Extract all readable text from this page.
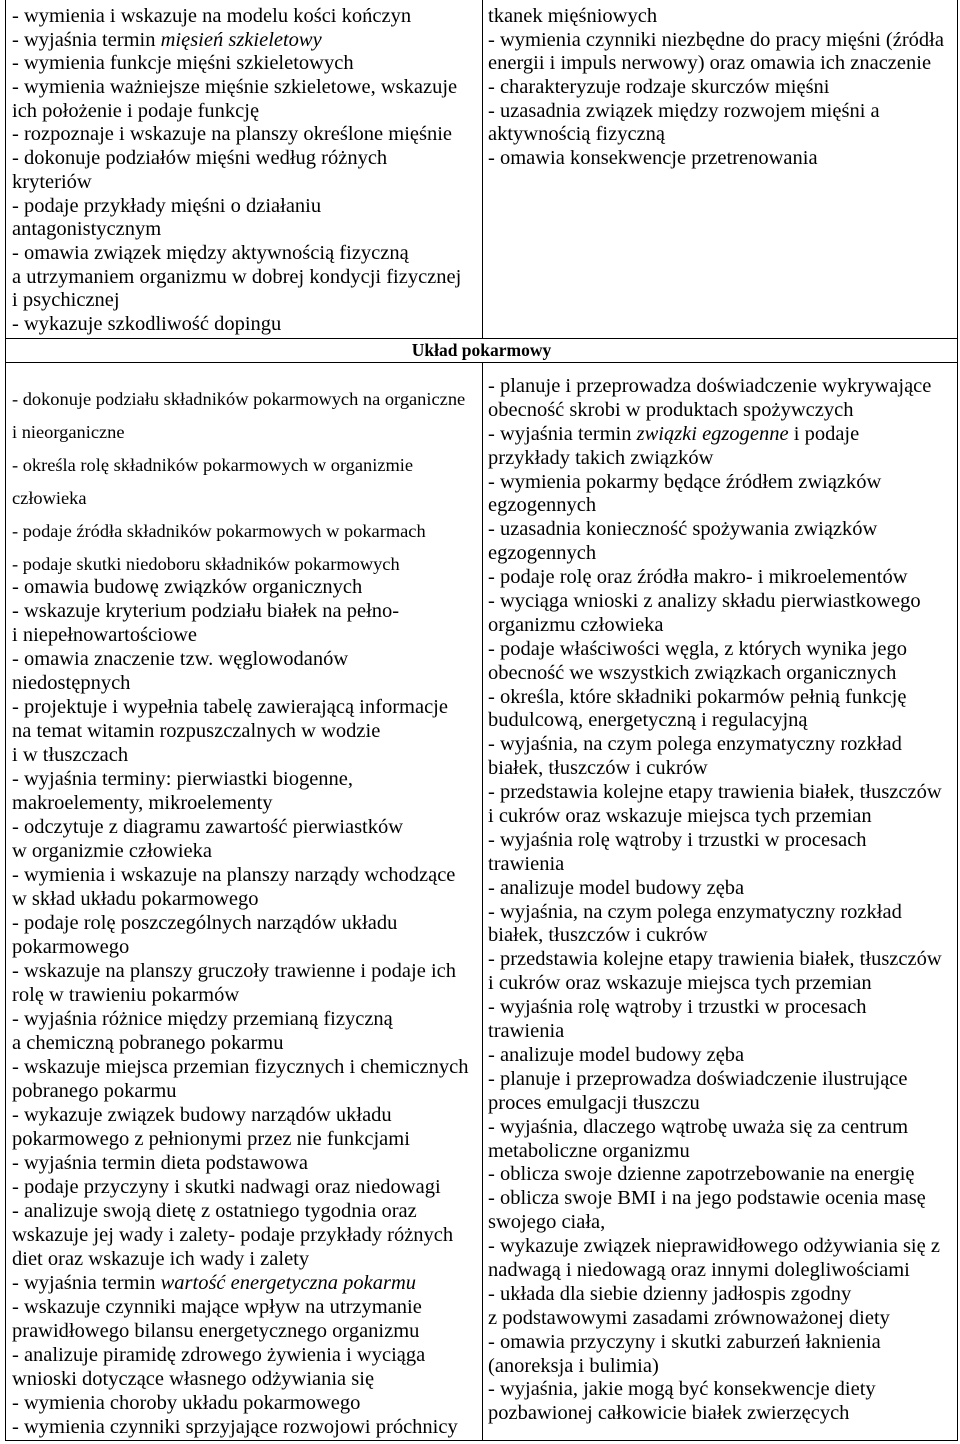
- wymienia i wskazuje na modelu kości kończyn
- wyjaśnia termin mięsień szkieletowy
- wymienia funkcje mięśni szkieletowych
- wymienia ważniejsze mięśnie szkieletowe, wskazuje
ich położenie i podaje funkcję
- rozpoznaje i wskazuje na planszy określone mięśnie
- dokonuje podziałów mięśni według różnych
kryteriów
- podaje przykłady mięśni o działaniu
antagonistycznym
- omawia związek między aktywnością fizyczną
a utrzymaniem organizmu w dobrej kondycji fizycznej
i psychicznej
- wykazuje szkodliwość dopingu
tkanek mięśniowych
- wymienia czynniki niezbędne do pracy mięśni (źródła
energii i impuls nerwowy) oraz omawia ich znaczenie
- charakteryzuje rodzaje skurczów mięśni
- uzasadnia związek między rozwojem mięśni a
aktywnością fizyczną
- omawia konsekwencje przetrenowania
Układ pokarmowy
- dokonuje podziału składników pokarmowych na organiczne
i nieorganiczne
- określa rolę składników pokarmowych w organizmie
człowieka
- podaje źródła składników pokarmowych w pokarmach
- podaje skutki niedoboru składników pokarmowych
- omawia budowę związków organicznych
- wskazuje kryterium podziału białek na pełno-
i niepełnowartościowe
- omawia znaczenie tzw. węglowodanów
niedostępnych
- projektuje i wypełnia tabelę zawierającą informacje
na temat witamin rozpuszczalnych w wodzie
i w tłuszczach
- wyjaśnia terminy: pierwiastki biogenne,
makroelementy, mikroelementy
- odczytuje z diagramu zawartość pierwiastków
w organizmie człowieka
- wymienia i wskazuje na planszy narządy wchodzące
w skład układu pokarmowego
- podaje rolę poszczególnych narządów układu
pokarmowego
- wskazuje na planszy gruczoły trawienne i podaje ich
rolę w trawieniu pokarmów
- wyjaśnia różnice między przemianą fizyczną
a chemiczną pobranego pokarmu
- wskazuje miejsca przemian fizycznych i chemicznych
pobranego pokarmu
- wykazuje związek budowy narządów układu
pokarmowego z pełnionymi przez nie funkcjami
- wyjaśnia termin dieta podstawowa
- podaje przyczyny i skutki nadwagi oraz niedowagi
- analizuje swoją dietę z ostatniego tygodnia oraz
wskazuje jej wady i zalety- podaje przykłady różnych
diet oraz wskazuje ich wady i zalety
- wyjaśnia termin wartość energetyczna pokarmu
- wskazuje czynniki mające wpływ na utrzymanie
prawidłowego bilansu energetycznego organizmu
- analizuje piramidę zdrowego żywienia i wyciąga
wnioski dotyczące własnego odżywiania się
- wymienia choroby układu pokarmowego
- wymienia czynniki sprzyjające rozwojowi próchnicy
- planuje i przeprowadza doświadczenie wykrywające
obecność skrobi w produktach spożywczych
- wyjaśnia termin związki egzogenne i podaje
przykłady takich związków
- wymienia pokarmy będące źródłem związków
egzogennych
- uzasadnia konieczność spożywania związków
egzogennych
- podaje rolę oraz źródła makro- i mikroelementów
- wyciąga wnioski z analizy składu pierwiastkowego
organizmu człowieka
- podaje właściwości węgla, z których wynika jego
obecność we wszystkich związkach organicznych
- określa, które składniki pokarmów pełnią funkcję
budulcową, energetyczną i regulacyjną
- wyjaśnia, na czym polega enzymatyczny rozkład
białek, tłuszczów i cukrów
- przedstawia kolejne etapy trawienia białek, tłuszczów
i cukrów oraz wskazuje miejsca tych przemian
- wyjaśnia rolę wątroby i trzustki w procesach
trawienia
- analizuje model budowy zęba
- wyjaśnia, na czym polega enzymatyczny rozkład
białek, tłuszczów i cukrów
- przedstawia kolejne etapy trawienia białek, tłuszczów
i cukrów oraz wskazuje miejsca tych przemian
- wyjaśnia rolę wątroby i trzustki w procesach
trawienia
- analizuje model budowy zęba
- planuje i przeprowadza doświadczenie ilustrujące
proces emulgacji tłuszczu
- wyjaśnia, dlaczego wątrobę uważa się za centrum
metaboliczne organizmu
- oblicza swoje dzienne zapotrzebowanie na energię
- oblicza swoje BMI i na jego podstawie ocenia masę
swojego ciała,
- wykazuje związek nieprawidłowego odżywiania się z
nadwagą i niedowagą oraz innymi dolegliwościami
- układa dla siebie dzienny jadłospis zgodny
z podstawowymi zasadami zrównoważonej diety
- omawia przyczyny i skutki zaburzeń łaknienia
(anoreksja i bulimia)
- wyjaśnia, jakie mogą być konsekwencje diety
pozbawionej całkowicie białek zwierzęcych
